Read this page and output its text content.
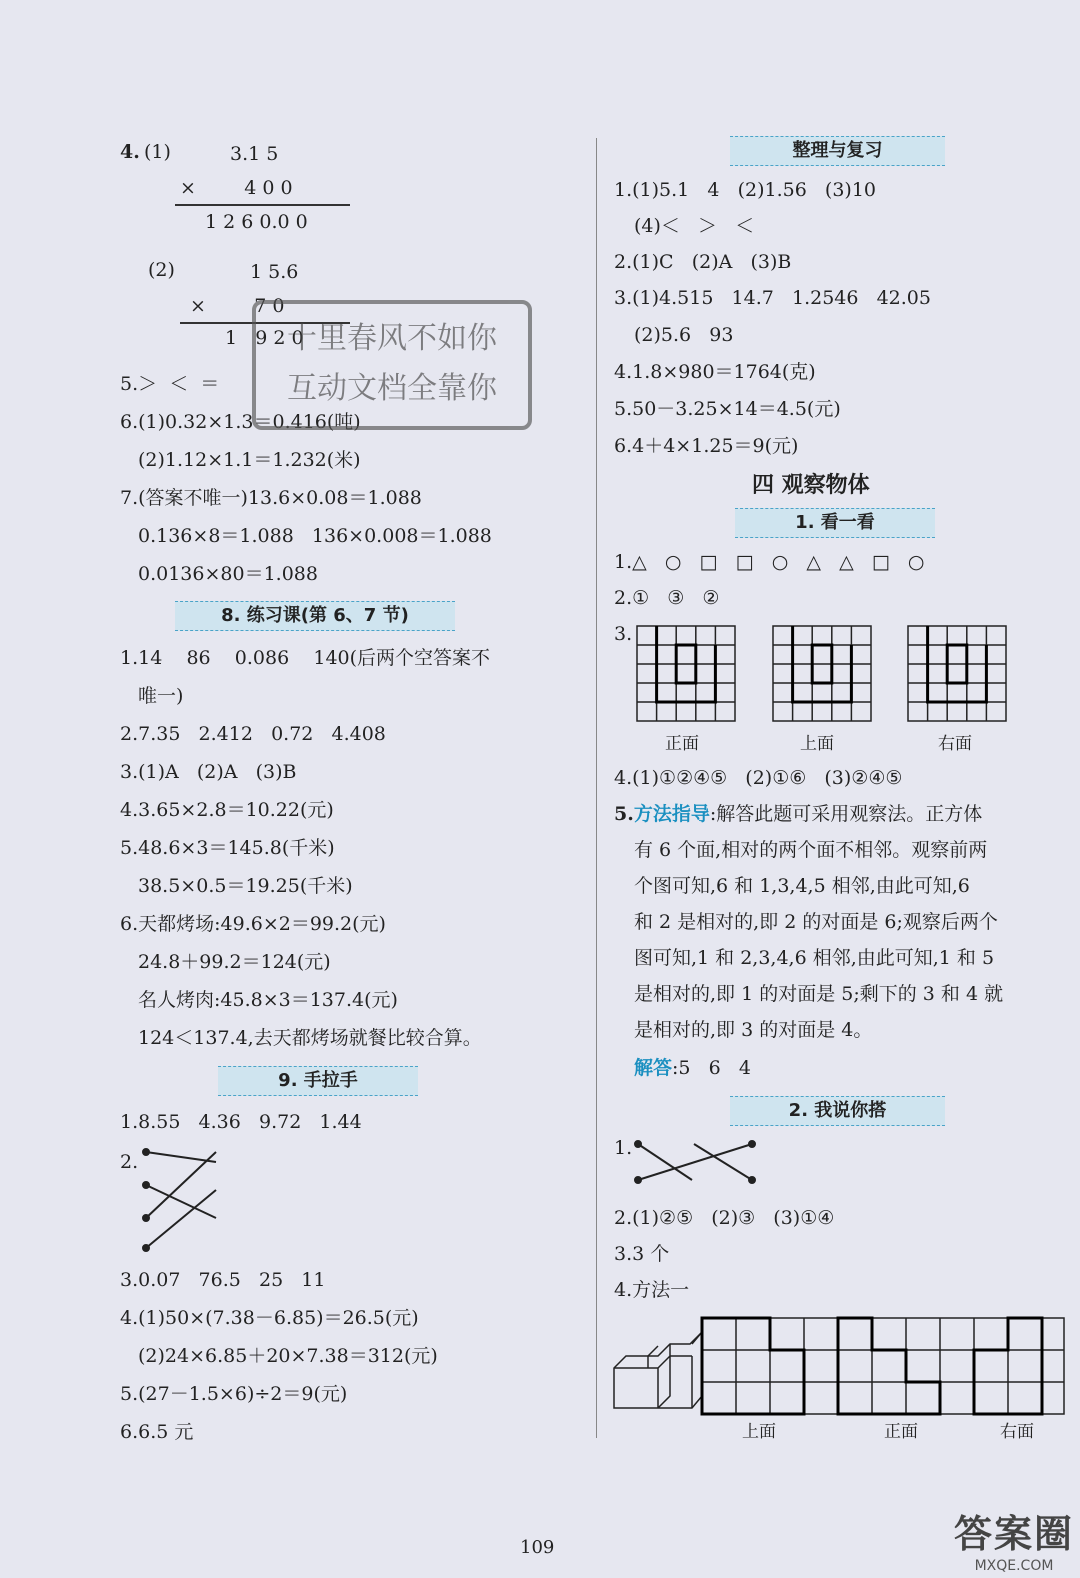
4. (1)	3.1 5
×        4 0 0
1 2 6 0.0 0
(2)	1 5.6
×        7 0
1   9 2 0
5.＞  ＜  ＝
6.(1)0.32×1.3＝0.416(吨)
(2)1.12×1.1＝1.232(米)
7.(答案不唯一)13.6×0.08＝1.088
0.136×8＝1.088   136×0.008＝1.088
0.0136×80＝1.088
8. 练习课(第 6、7 节)
1.14    86    0.086    140(后两个空答案不
唯一)
2.7.35   2.412   0.72   4.408
3.(1)A   (2)A   (3)B
4.3.65×2.8＝10.22(元)
5.48.6×3＝145.8(千米)
38.5×0.5＝19.25(千米)
6.天都烤场:49.6×2＝99.2(元)
24.8＋99.2＝124(元)
名人烤肉:45.8×3＝137.4(元)
124＜137.4,去天都烤场就餐比较合算。
9. 手拉手
1.8.55   4.36   9.72   1.44
2.
3.0.07   76.5   25   11
4.(1)50×(7.38－6.85)＝26.5(元)
(2)24×6.85＋20×7.38＝312(元)
5.(27－1.5×6)÷2＝9(元)
6.6.5 元
十里春风不如你
互动文档全靠你
整理与复习
1.(1)5.1   4   (2)1.56   (3)10
(4)＜   ＞   ＜
2.(1)C   (2)A   (3)B
3.(1)4.515   14.7   1.2546   42.05
(2)5.6   93
4.1.8×980＝1764(克)
5.50－3.25×14＝4.5(元)
6.4＋4×1.25＝9(元)
四 观察物体
1. 看一看
1.△   ○   □   □   ○   △   △   □   ○
2.①   ③   ②
3.
正面	上面	右面
4.(1)①②④⑤   (2)①⑥   (3)②④⑤
5.方法指导:解答此题可采用观察法。正方体
有 6 个面,相对的两个面不相邻。观察前两
个图可知,6 和 1,3,4,5 相邻,由此可知,6
和 2 是相对的,即 2 的对面是 6;观察后两个
图可知,1 和 2,3,4,6 相邻,由此可知,1 和 5
是相对的,即 1 的对面是 5;剩下的 3 和 4 就
是相对的,即 3 的对面是 4。
解答:5   6   4
2. 我说你搭
1.
2.(1)②⑤   (2)③   (3)①④
3.3 个
4.方法一
上面	正面	右面
109	答案圈
MXQE.COM
